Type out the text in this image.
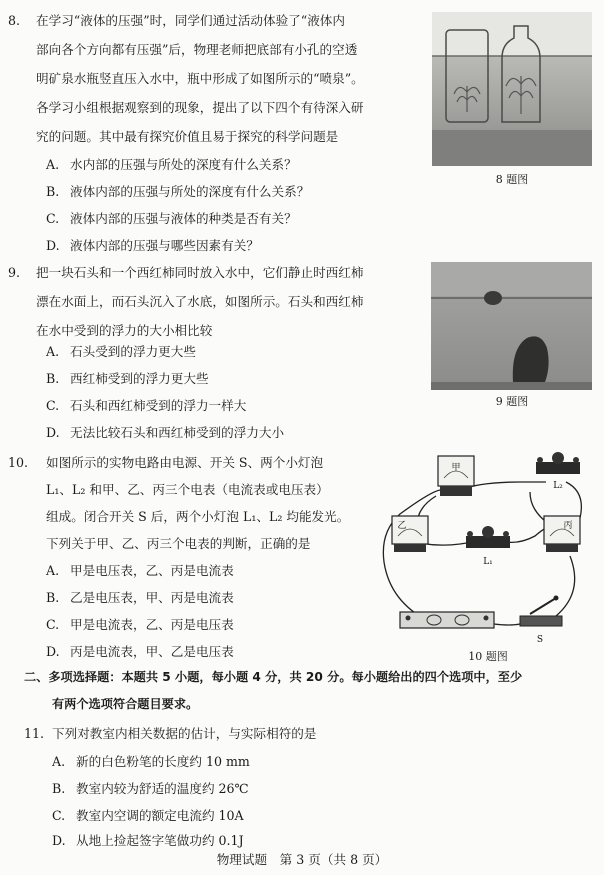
8. 在学习“液体的压强”时，同学们通过活动体验了“液体内
部向各个方向都有压强”后，物理老师把底部有小孔的空透
明矿泉水瓶竖直压入水中，瓶中形成了如图所示的“喷泉”。
各学习小组根据观察到的现象，提出了以下四个有待深入研
究的问题。其中最有探究价值且易于探究的科学问题是
A. 水内部的压强与所处的深度有什么关系？
B. 液体内部的压强与所处的深度有什么关系？
C. 液体内部的压强与液体的种类是否有关？
D. 液体内部的压强与哪些因素有关？
8 题图
9. 把一块石头和一个西红柿同时放入水中，它们静止时西红柿
漂在水面上，而石头沉入了水底，如图所示。石头和西红柿
在水中受到的浮力的大小相比较
A. 石头受到的浮力更大些
B. 西红柿受到的浮力更大些
C. 石头和西红柿受到的浮力一样大
D. 无法比较石头和西红柿受到的浮力大小
9 题图
10. 如图所示的实物电路由电源、开关 S、两个小灯泡
L₁、L₂ 和甲、乙、丙三个电表（电流表或电压表）
组成。闭合开关 S 后，两个小灯泡 L₁、L₂ 均能发光。
下列关于甲、乙、丙三个电表的判断，正确的是
A. 甲是电压表，乙、丙是电流表
B. 乙是电压表，甲、丙是电流表
C. 甲是电流表，乙、丙是电压表
D. 丙是电流表，甲、乙是电压表
甲
L₂
乙
L₁
丙
S
10 题图
二、多项选择题：本题共 5 小题，每小题 4 分，共 20 分。每小题给出的四个选项中，至少
有两个选项符合题目要求。
11. 下列对教室内相关数据的估计，与实际相符的是
A. 新的白色粉笔的长度约 10 mm
B. 教室内较为舒适的温度约 26℃
C. 教室内空调的额定电流约 10A
D. 从地上捡起签字笔做功约 0.1J
物理试题　第 3 页（共 8 页）
